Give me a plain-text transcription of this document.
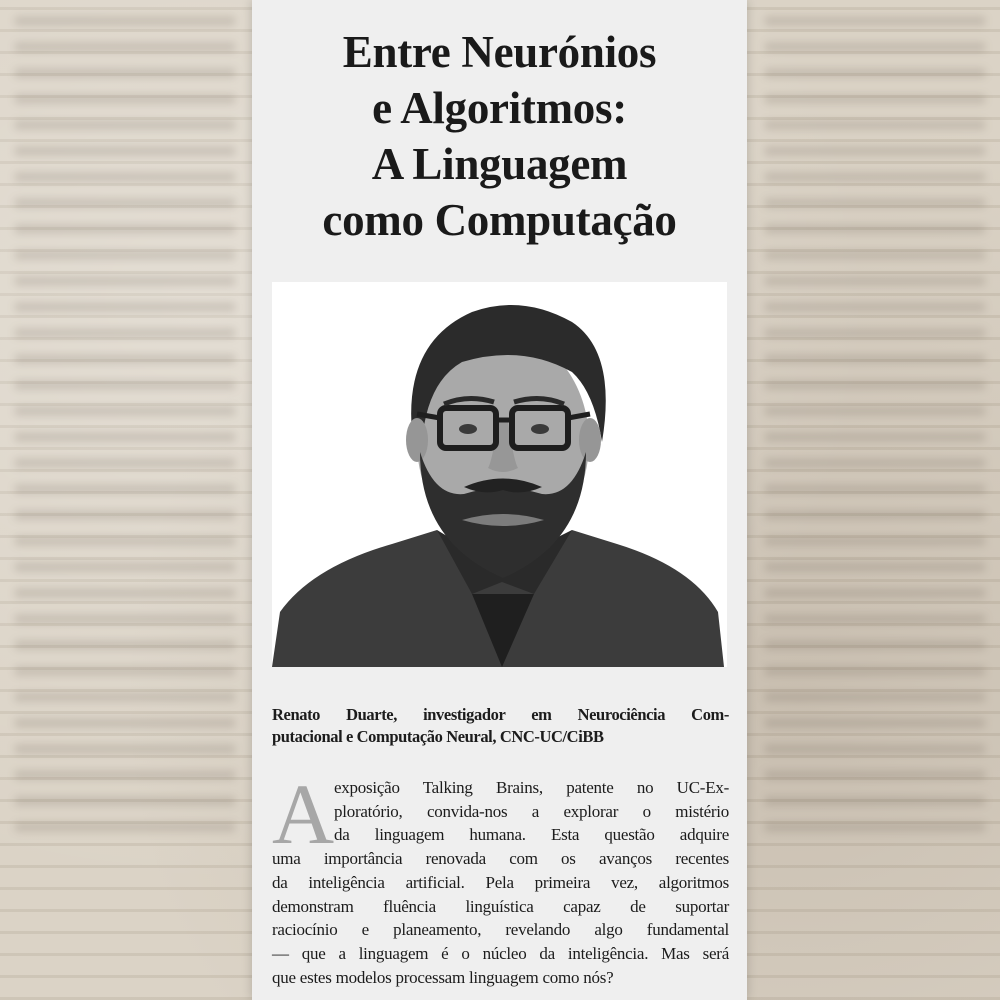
Entre Neurónios
e Algoritmos:
A Linguagem
como Computação

Renato Duarte, investigador em Neurociência Com-
putacional e Computação Neural, CNC-UC/CiBB

A exposição Talking Brains, patente no UC-Ex-
ploratório, convida-nos a explorar o mistério
da linguagem humana. Esta questão adquire
uma importância renovada com os avanços recentes
da inteligência artificial. Pela primeira vez, algoritmos
demonstram fluência linguística capaz de suportar
raciocínio e planeamento, revelando algo fundamental
— que a linguagem é o núcleo da inteligência. Mas será
que estes modelos processam linguagem como nós?
